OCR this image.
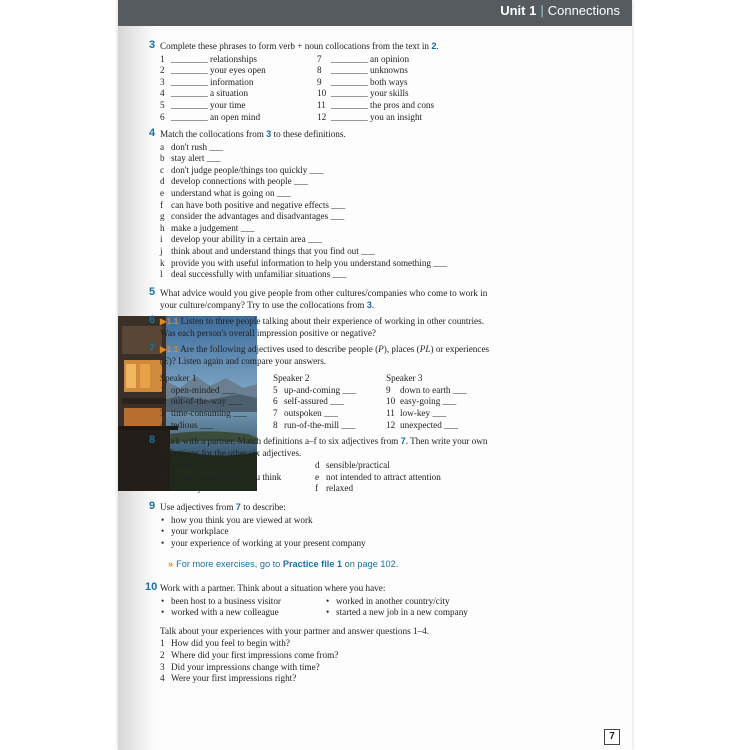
Unit 1 | Connections
7
3 Complete these phrases to form verb + noun collocations from the text in 2.
1 ________ relationships
2 ________ your eyes open
3 ________ information
4 ________ a situation
5 ________ your time
6 ________ an open mind
7 ________ an opinion
8 ________ unknowns
9 ________ both ways
10 ________ your skills
11 ________ the pros and cons
12 ________ you an insight
4 Match the collocations from 3 to these definitions.
a don't rush ___
b stay alert ___
c don't judge people/things too quickly ___
d develop connections with people ___
e understand what is going on ___
f can have both positive and negative effects ___
g consider the advantages and disadvantages ___
h make a judgement ___
i develop your ability in a certain area ___
j think about and understand things that you find out ___
k provide you with useful information to help you understand something ___
l deal successfully with unfamiliar situations ___
5 What advice would you give people from other cultures/companies who come to work in your culture/company? Try to use the collocations from 3.
6 ▶1.1 Listen to three people talking about their experience of working in other countries. Was each person's overall impression positive or negative?
7 ▶1.1 Are the following adjectives used to describe people (P), places (PL) or experiences (E)? Listen again and compare your answers.
Speaker 1
1 open-minded ___
2 out-of-the-way ___
3 time-consuming ___
4 tedious ___
Speaker 2
5 up-and-coming ___
6 self-assured ___
7 outspoken ___
8 run-of-the-mill ___
Speaker 3
9 down to earth ___
10 easy-going ___
11 low-key ___
12 unexpected ___
8 Work with a partner. Match definitions a–f to six adjectives from 7. Then write your own definitions for the other six adjectives.
a boring
b saying exactly what you think
c ordinary
d sensible/practical
e not intended to attract attention
f relaxed
9 Use adjectives from 7 to describe:
• how you think you are viewed at work
• your workplace
• your experience of working at your present company
» For more exercises, go to Practice file 1 on page 102.
10 Work with a partner. Think about a situation where you have:
• been host to a business visitor
• worked with a new colleague
• worked in another country/city
• started a new job in a new company
Talk about your experiences with your partner and answer questions 1–4.
1 How did you feel to begin with?
2 Where did your first impressions come from?
3 Did your impressions change with time?
4 Were your first impressions right?
